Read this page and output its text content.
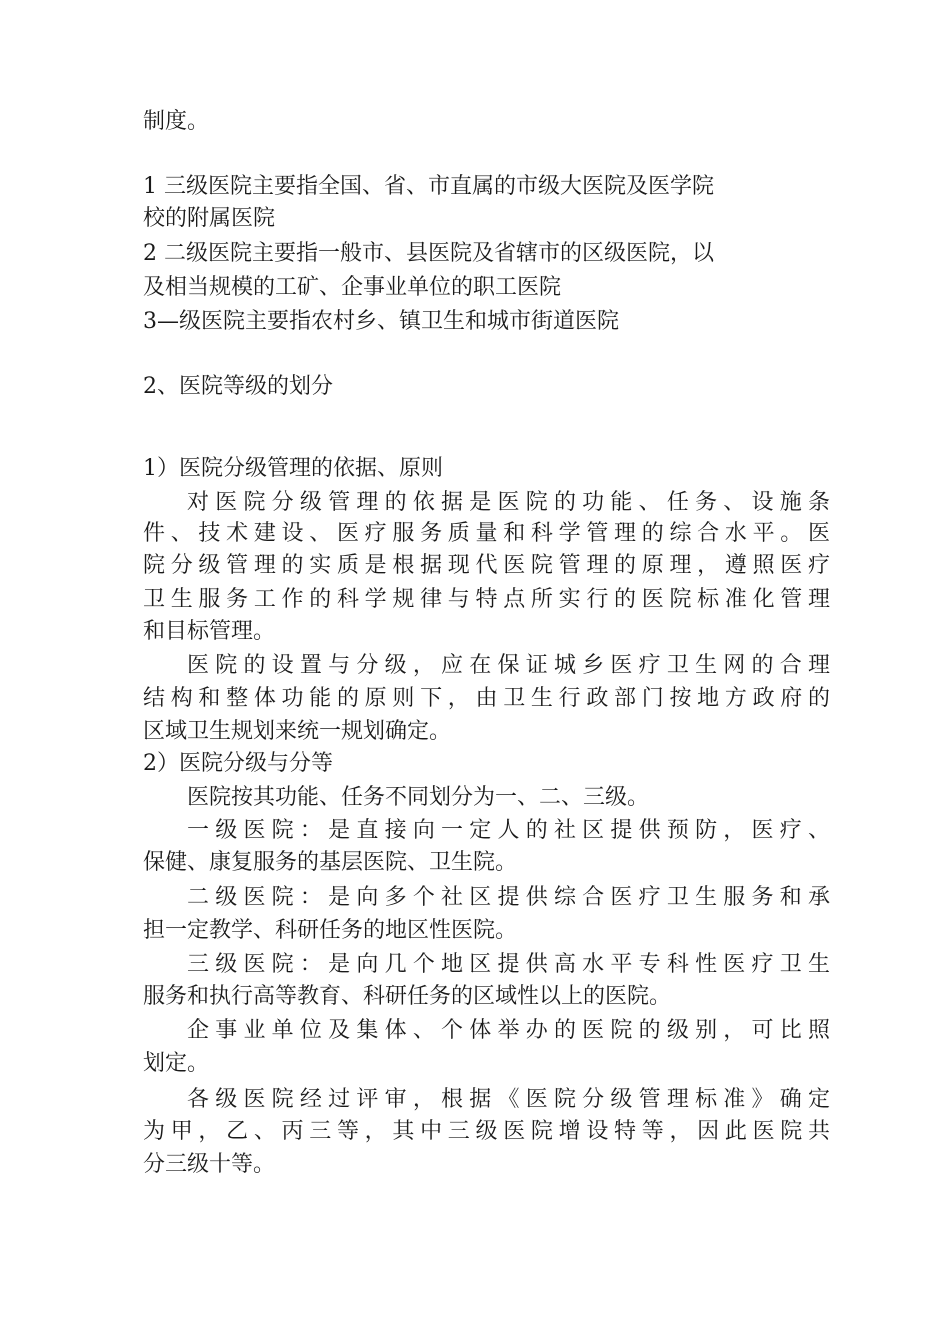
制度。
1 三级医院主要指全国、省、市直属的市级大医院及医学院
校的附属医院
2 二级医院主要指一般市、县医院及省辖市的区级医院，以
及相当规模的工矿、企事业单位的职工医院
3—级医院主要指农村乡、镇卫生和城市街道医院
2、医院等级的划分
1）医院分级管理的依据、原则
对医院分级管理的依据是医院的功能、任务、设施条
件、技术建设、医疗服务质量和科学管理的综合水平。医
院分级管理的实质是根据现代医院管理的原理，遵照医疗
卫生服务工作的科学规律与特点所实行的医院标准化管理
和目标管理。
医院的设置与分级，应在保证城乡医疗卫生网的合理
结构和整体功能的原则下，由卫生行政部门按地方政府的
区域卫生规划来统一规划确定。
2）医院分级与分等
医院按其功能、任务不同划分为一、二、三级。
一级医院：是直接向一定人的社区提供预防，医疗、
保健、康复服务的基层医院、卫生院。
二级医院：是向多个社区提供综合医疗卫生服务和承
担一定教学、科研任务的地区性医院。
三级医院：是向几个地区提供高水平专科性医疗卫生
服务和执行高等教育、科研任务的区域性以上的医院。
企事业单位及集体、个体举办的医院的级别，可比照
划定。
各级医院经过评审，根据《医院分级管理标准》确定
为甲，乙、丙三等，其中三级医院增设特等，因此医院共
分三级十等。
